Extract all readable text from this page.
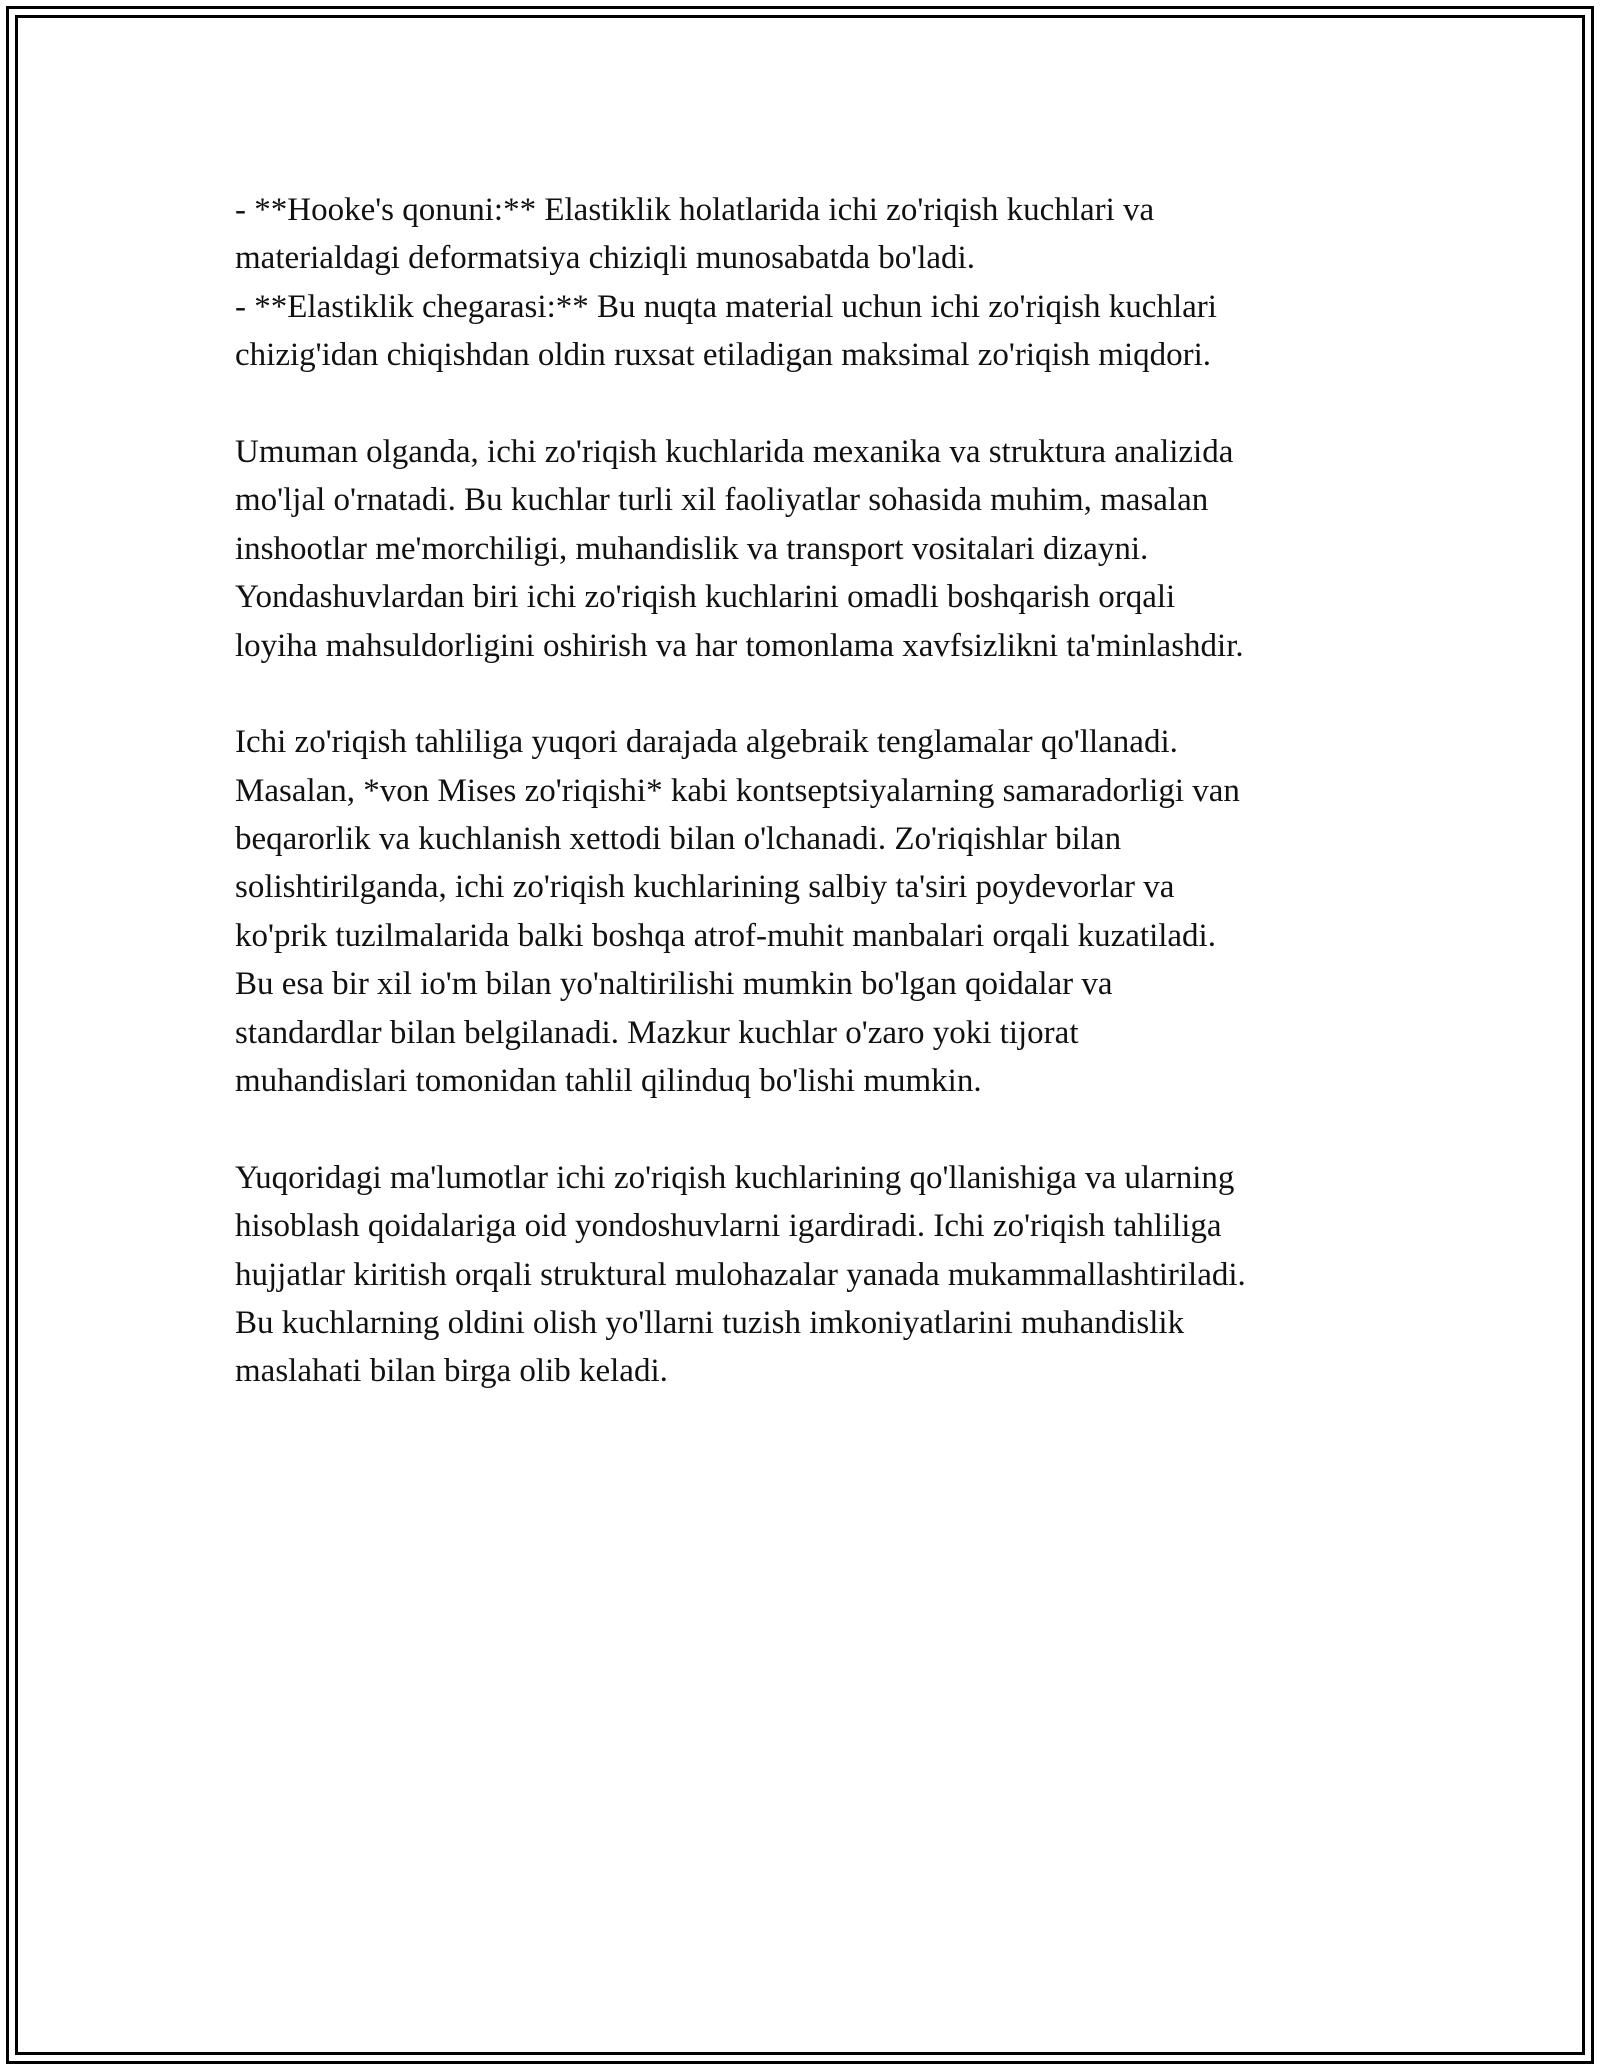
- **Hooke's qonuni:** Elastiklik holatlarida ichi zo'riqish kuchlari va
materialdagi deformatsiya chiziqli munosabatda bo'ladi.
- **Elastiklik chegarasi:** Bu nuqta material uchun ichi zo'riqish kuchlari
chizig'idan chiqishdan oldin ruxsat etiladigan maksimal zo'riqish miqdori.
Umuman olganda, ichi zo'riqish kuchlarida mexanika va struktura analizida
mo'ljal o'rnatadi. Bu kuchlar turli xil faoliyatlar sohasida muhim, masalan
inshootlar me'morchiligi, muhandislik va transport vositalari dizayni.
Yondashuvlardan biri ichi zo'riqish kuchlarini omadli boshqarish orqali
loyiha mahsuldorligini oshirish va har tomonlama xavfsizlikni ta'minlashdir.
Ichi zo'riqish tahliliga yuqori darajada algebraik tenglamalar qo'llanadi.
Masalan, *von Mises zo'riqishi* kabi kontseptsiyalarning samaradorligi van
beqarorlik va kuchlanish xettodi bilan o'lchanadi. Zo'riqishlar bilan
solishtirilganda, ichi zo'riqish kuchlarining salbiy ta'siri poydevorlar va
ko'prik tuzilmalarida balki boshqa atrof-muhit manbalari orqali kuzatiladi.
Bu esa bir xil io'm bilan yo'naltirilishi mumkin bo'lgan qoidalar va
standardlar bilan belgilanadi. Mazkur kuchlar o'zaro yoki tijorat
muhandislari tomonidan tahlil qilinduq bo'lishi mumkin.
Yuqoridagi ma'lumotlar ichi zo'riqish kuchlarining qo'llanishiga va ularning
hisoblash qoidalariga oid yondoshuvlarni igardiradi. Ichi zo'riqish tahliliga
hujjatlar kiritish orqali struktural mulohazalar yanada mukammallashtiriladi.
Bu kuchlarning oldini olish yo'llarni tuzish imkoniyatlarini muhandislik
maslahati bilan birga olib keladi.
